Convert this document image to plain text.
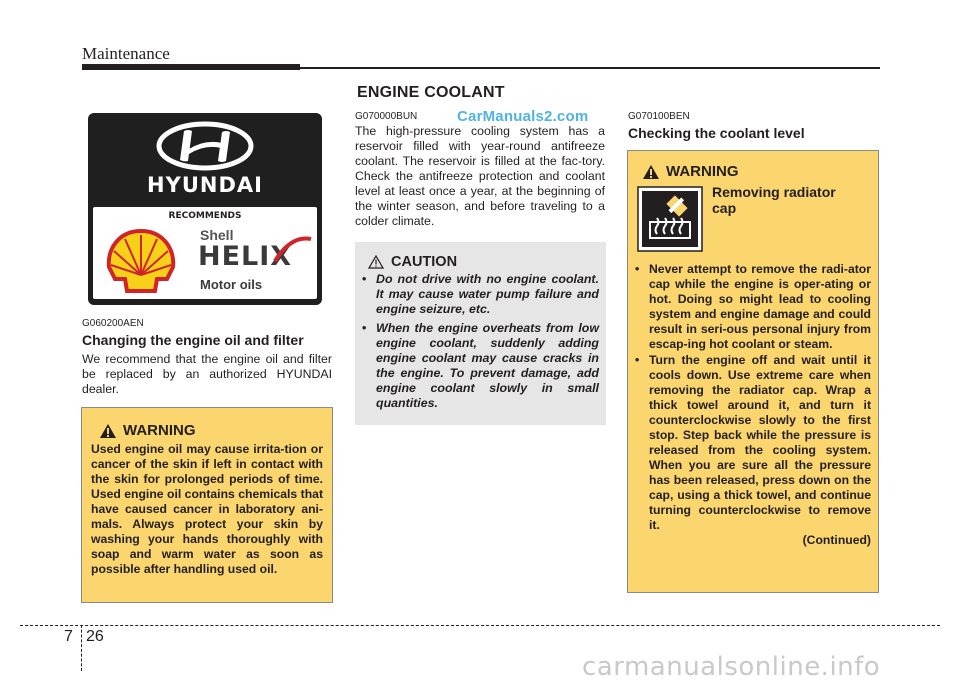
Maintenance
ENGINE COOLANT
CarManuals2.com
HYUNDAI
RECOMMENDS
Shell
HELIX
Motor oils
G060200AEN
Changing the engine oil and filter
We recommend that the engine oil and filter be replaced by an authorized HYUNDAI dealer.
WARNING
Used engine oil may cause irrita-tion or cancer of the skin if left in contact with the skin for prolonged periods of time. Used engine oil contains chemicals that have caused cancer in laboratory ani-mals. Always protect your skin by washing your hands thoroughly with soap and warm water as soon as possible after handling used oil.
G070000BUN
The high-pressure cooling system has a reservoir filled with year-round antifreeze coolant. The reservoir is filled at the fac-tory. Check the antifreeze protection and coolant level at least once a year, at the beginning of the winter season, and before traveling to a colder climate.
CAUTION
• Do not drive with no engine coolant. It may cause water pump failure and engine seizure, etc.
• When the engine overheats from low engine coolant, suddenly adding engine coolant may cause cracks in the engine. To prevent damage, add engine coolant slowly in small quantities.
G070100BEN
Checking the coolant level
WARNING
Removing radiator cap
• Never attempt to remove the radi-ator cap while the engine is oper-ating or hot. Doing so might lead to cooling system and engine damage and could result in seri-ous personal injury from escap-ing hot coolant or steam.
• Turn the engine off and wait until it cools down. Use extreme care when removing the radiator cap. Wrap a thick towel around it, and turn it counterclockwise slowly to the first stop. Step back while the pressure is released from the cooling system. When you are sure all the pressure has been released, press down on the cap, using a thick towel, and continue turning counterclockwise to remove it.
(Continued)
7 26
carmanualsonline.info
